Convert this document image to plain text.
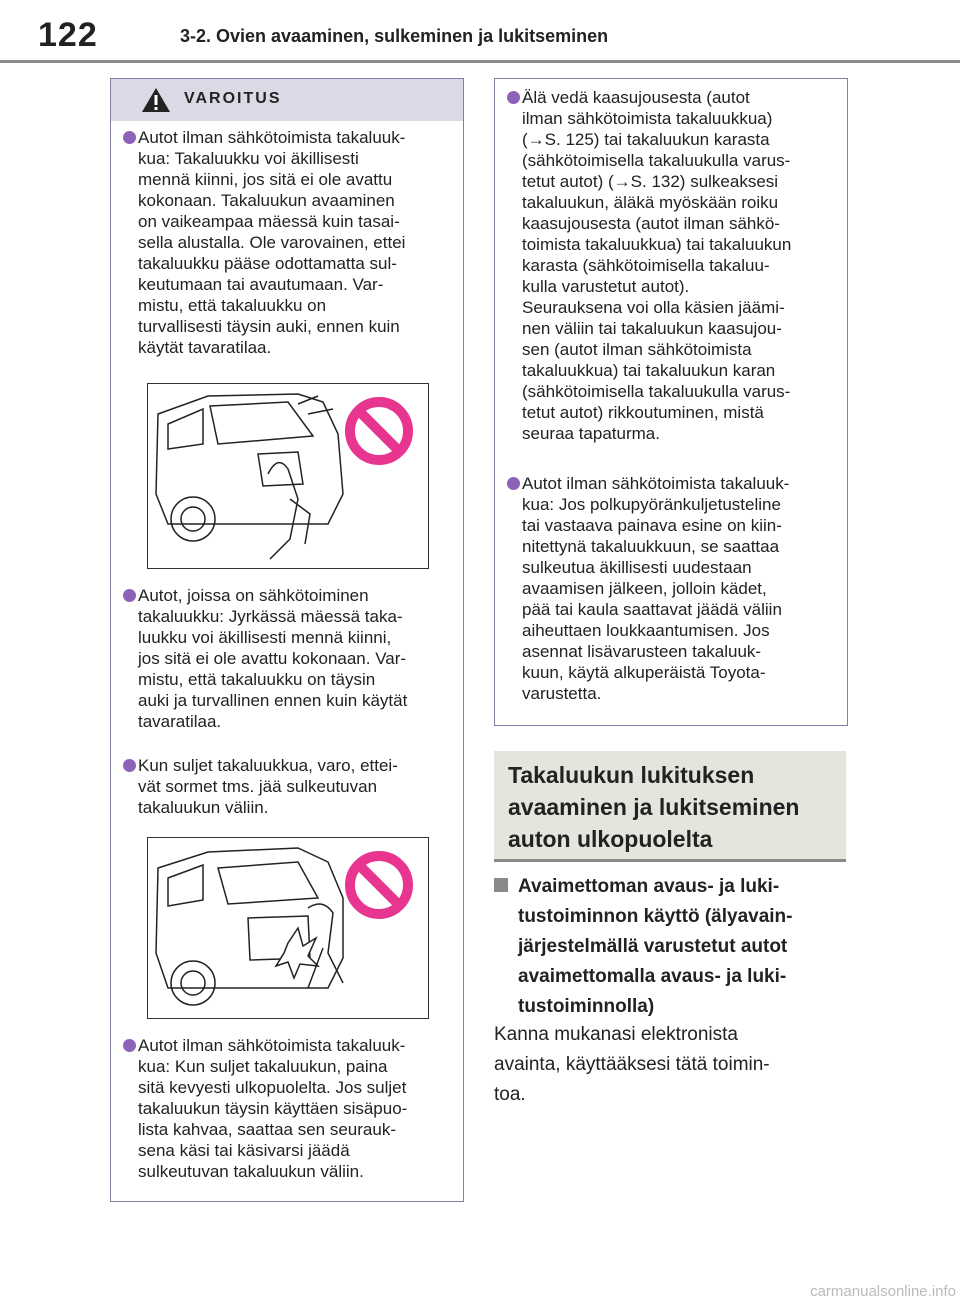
122	3-2. Ovien avaaminen, sulkeminen ja lukitseminen
VAROITUS
Autot ilman sähkötoimista takaluuk-
kua: Takaluukku voi äkillisesti
mennä kiinni, jos sitä ei ole avattu
kokonaan. Takaluukun avaaminen
on vaikeampaa mäessä kuin tasai-
sella alustalla. Ole varovainen, ettei
takaluukku pääse odottamatta sul-
keutumaan tai avautumaan. Var-
mistu, että takaluukku on
turvallisesti täysin auki, ennen kuin
käytät tavaratilaa.
Autot, joissa on sähkötoiminen
takaluukku: Jyrkässä mäessä taka-
luukku voi äkillisesti mennä kiinni,
jos sitä ei ole avattu kokonaan. Var-
mistu, että takaluukku on täysin
auki ja turvallinen ennen kuin käytät
tavaratilaa.
Kun suljet takaluukkua, varo, ettei-
vät sormet tms. jää sulkeutuvan
takaluukun väliin.
Autot ilman sähkötoimista takaluuk-
kua: Kun suljet takaluukun, paina
sitä kevyesti ulkopuolelta. Jos suljet
takaluukun täysin käyttäen sisäpuo-
lista kahvaa, saattaa sen seurauk-
sena käsi tai käsivarsi jäädä
sulkeutuvan takaluukun väliin.
Älä vedä kaasujousesta (autot
ilman sähkötoimista takaluukkua)
(→S. 125) tai takaluukun karasta
(sähkötoimisella takaluukulla varus-
tetut autot) (→S. 132) sulkeaksesi
takaluukun, äläkä myöskään roiku
kaasujousesta (autot ilman sähkö-
toimista takaluukkua) tai takaluukun
karasta (sähkötoimisella takaluu-
kulla varustetut autot).
Seurauksena voi olla käsien jäämi-
nen väliin tai takaluukun kaasujou-
sen (autot ilman sähkötoimista
takaluukkua) tai takaluukun karan
(sähkötoimisella takaluukulla varus-
tetut autot) rikkoutuminen, mistä
seuraa tapaturma.
Autot ilman sähkötoimista takaluuk-
kua: Jos polkupyöränkuljetusteline
tai vastaava painava esine on kiin-
nitettynä takaluukkuun, se saattaa
sulkeutua äkillisesti uudestaan
avaamisen jälkeen, jolloin kädet,
pää tai kaula saattavat jäädä väliin
aiheuttaen loukkaantumisen. Jos
asennat lisävarusteen takaluuk-
kuun, käytä alkuperäistä Toyota-
varustetta.
Takaluukun lukituksen
avaaminen ja lukitseminen
auton ulkopuolelta
Avaimettoman avaus- ja luki-
tustoiminnon käyttö (älyavain-
järjestelmällä varustetut autot
avaimettomalla avaus- ja luki-
tustoiminnolla)
Kanna mukanasi elektronista
avainta, käyttääksesi tätä toimin-
toa.
carmanualsonline.info
